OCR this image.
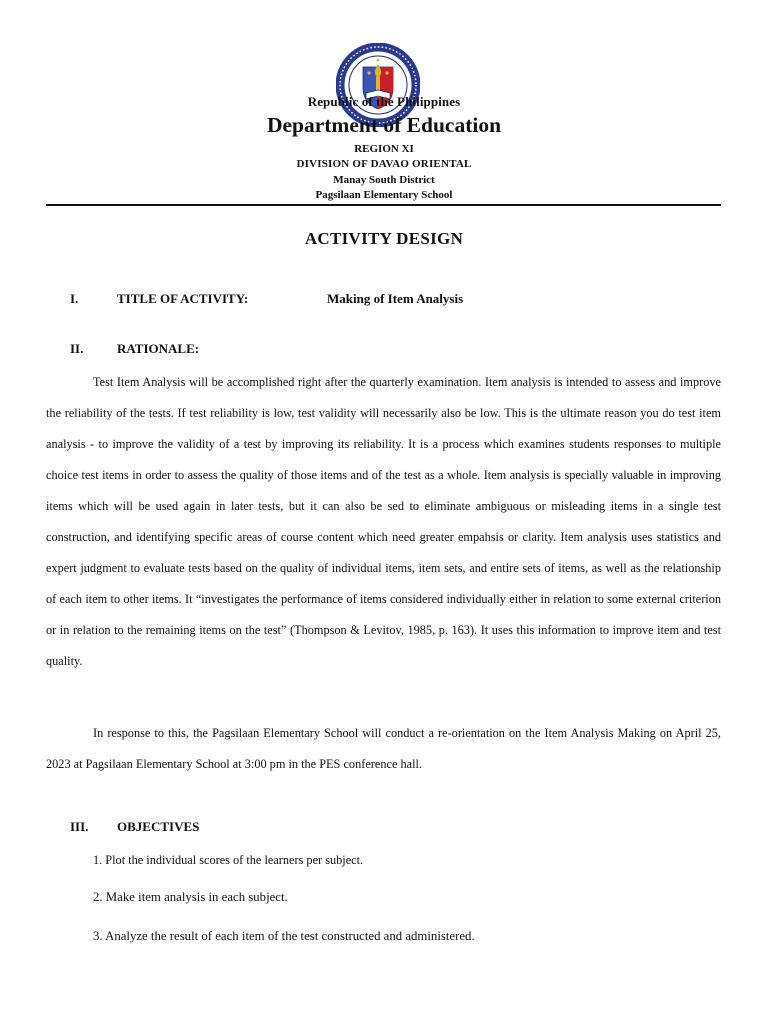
Republic of the Philippines
Department of Education
REGION XI
DIVISION OF DAVAO ORIENTAL
Manay South District
Pagsilaan Elementary School
ACTIVITY DESIGN
I.	TITLE OF ACTIVITY:	Making of Item Analysis
II.	RATIONALE:

Test Item Analysis will be accomplished right after the quarterly examination. Item analysis is intended to assess and improve the reliability of the tests. If test reliability is low, test validity will necessarily also be low. This is the ultimate reason you do test item analysis - to improve the validity of a test by improving its reliability. It is a process which examines students responses to multiple choice test items in order to assess the quality of those items and of the test as a whole. Item analysis is specially valuable in improving items which will be used again in later tests, but it can also be sed to eliminate ambiguous or misleading items in a single test construction, and identifying specific areas of course content which need greater empahsis or clarity. Item analysis uses statistics and expert judgment to evaluate tests based on the quality of individual items, item sets, and entire sets of items, as well as the relationship of each item to other items. It “investigates the performance of items considered individually either in relation to some external criterion or in relation to the remaining items on the test” (Thompson & Levitov, 1985, p. 163). It uses this information to improve item and test quality.

In response to this, the Pagsilaan Elementary School will conduct a re-orientation on the Item Analysis Making on April 25, 2023 at Pagsilaan Elementary School at 3:00 pm in the PES conference hall.

III. OBJECTIVES
1. Plot the individual scores of the learners per subject.
2. Make item analysis in each subject.
3. Analyze the result of each item of the test constructed and administered.
